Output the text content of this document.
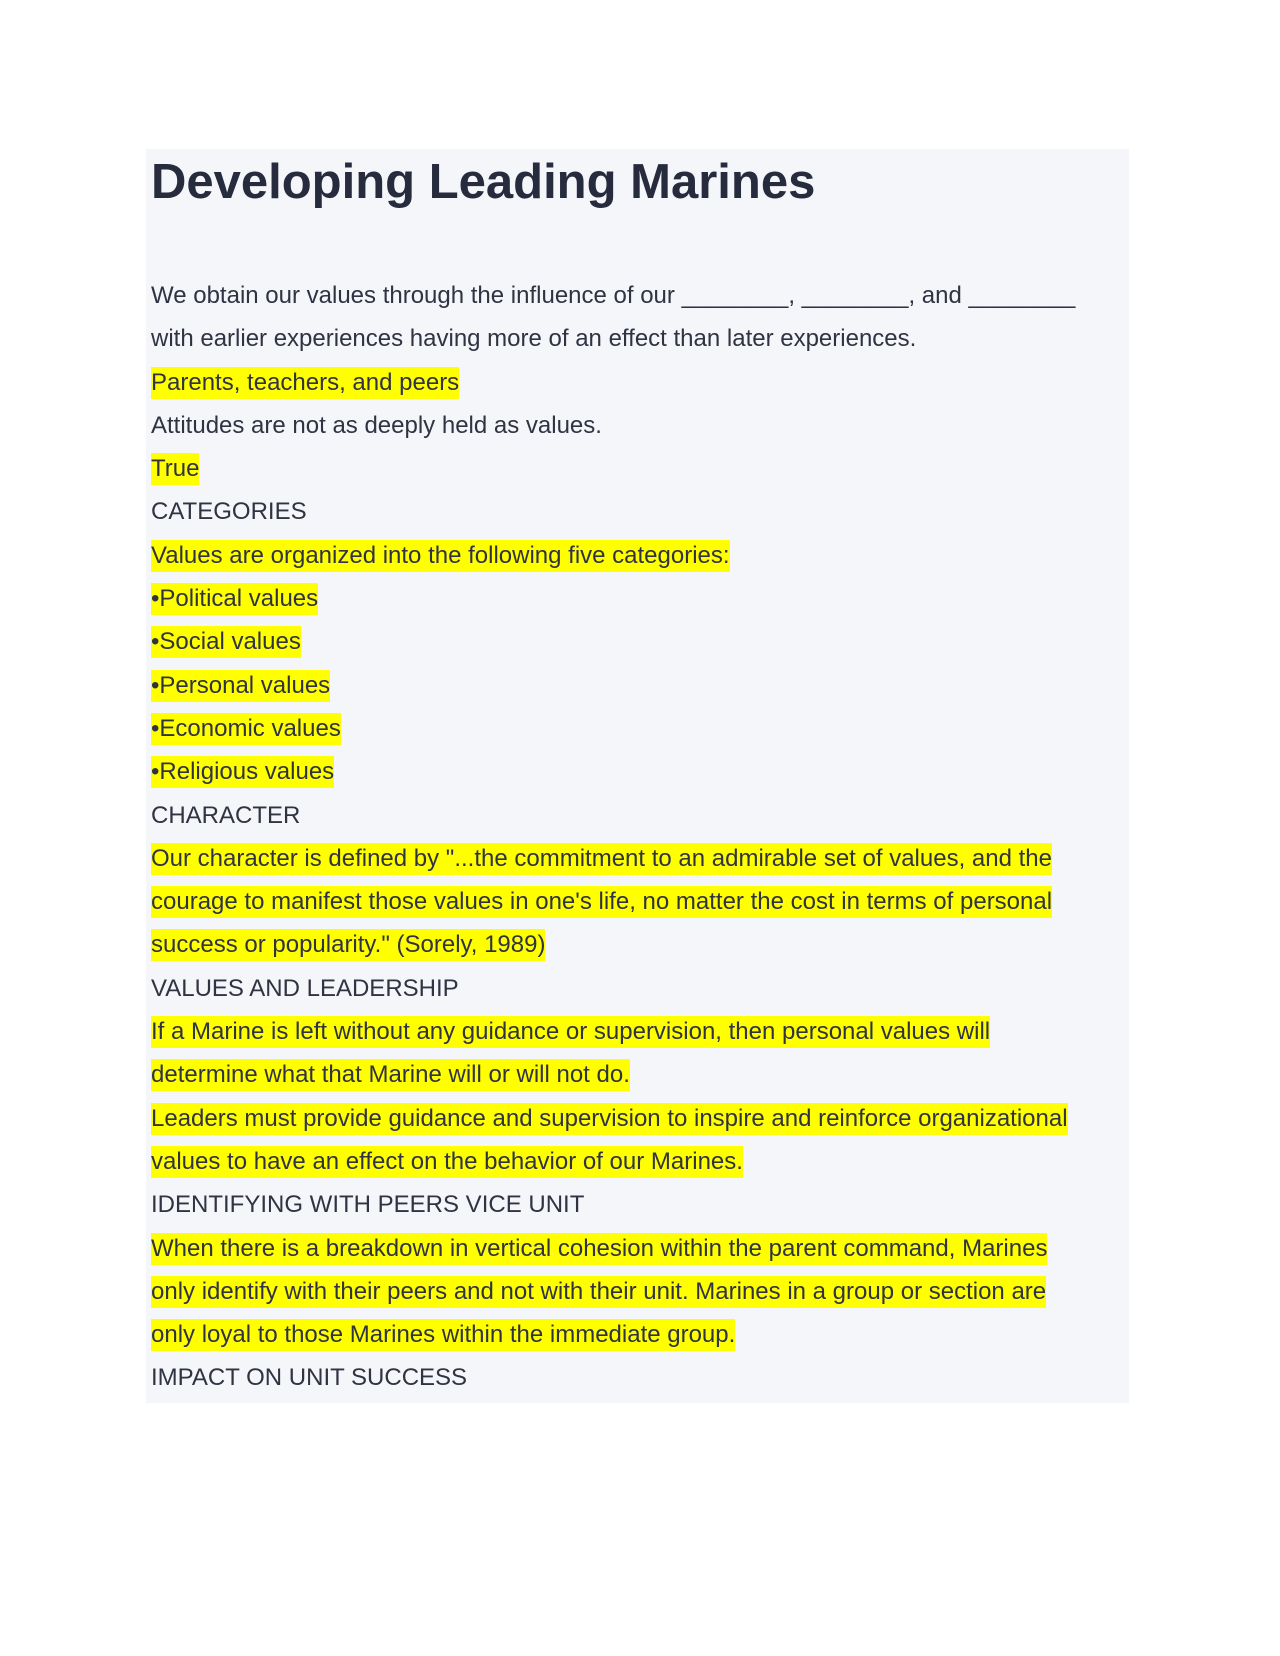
Developing Leading Marines
We obtain our values through the influence of our ________, ________, and ________
with earlier experiences having more of an effect than later experiences.
Parents, teachers, and peers
Attitudes are not as deeply held as values.
True
CATEGORIES
Values are organized into the following five categories:
•Political values
•Social values
•Personal values
•Economic values
•Religious values
CHARACTER
Our character is defined by "...the commitment to an admirable set of values, and the
courage to manifest those values in one's life, no matter the cost in terms of personal
success or popularity." (Sorely, 1989)
VALUES AND LEADERSHIP
If a Marine is left without any guidance or supervision, then personal values will
determine what that Marine will or will not do.
Leaders must provide guidance and supervision to inspire and reinforce organizational
values to have an effect on the behavior of our Marines.
IDENTIFYING WITH PEERS VICE UNIT
When there is a breakdown in vertical cohesion within the parent command, Marines
only identify with their peers and not with their unit. Marines in a group or section are
only loyal to those Marines within the immediate group.
IMPACT ON UNIT SUCCESS
